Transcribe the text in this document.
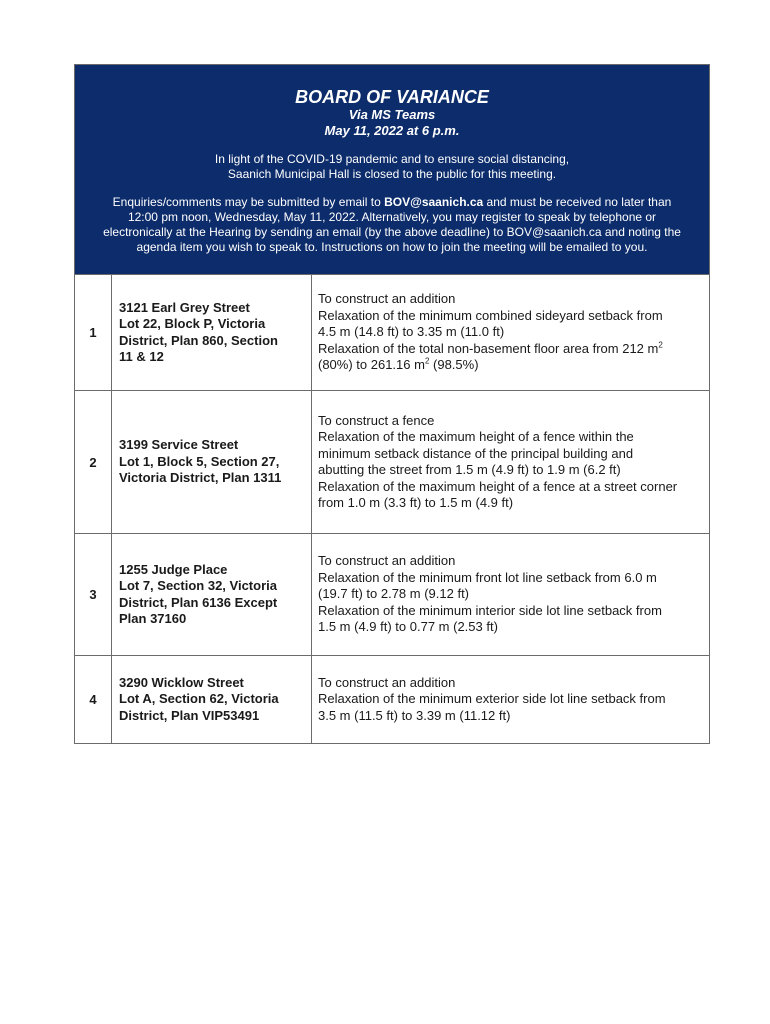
BOARD OF VARIANCE
Via MS Teams
May 11, 2022 at 6 p.m.
In light of the COVID-19 pandemic and to ensure social distancing,
Saanich Municipal Hall is closed to the public for this meeting.
Enquiries/comments may be submitted by email to BOV@saanich.ca and must be received no later than
12:00 pm noon, Wednesday, May 11, 2022. Alternatively, you may register to speak by telephone or
electronically at the Hearing by sending an email (by the above deadline) to BOV@saanich.ca and noting the
agenda item you wish to speak to. Instructions on how to join the meeting will be emailed to you.
1
3121 Earl Grey Street
Lot 22, Block P, Victoria
District, Plan 860, Section
11 & 12
To construct an addition
Relaxation of the minimum combined sideyard setback from
4.5 m (14.8 ft) to 3.35 m (11.0 ft)
Relaxation of the total non-basement floor area from 212 $m^2$
(80%) to 261.16 $m^2$ (98.5%)
2
3199 Service Street
Lot 1, Block 5, Section 27,
Victoria District, Plan 1311
To construct a fence
Relaxation of the maximum height of a fence within the
minimum setback distance of the principal building and
abutting the street from 1.5 m (4.9 ft) to 1.9 m (6.2 ft)
Relaxation of the maximum height of a fence at a street corner
from 1.0 m (3.3 ft) to 1.5 m (4.9 ft)
3
1255 Judge Place
Lot 7, Section 32, Victoria
District, Plan 6136 Except
Plan 37160
To construct an addition
Relaxation of the minimum front lot line setback from 6.0 m
(19.7 ft) to 2.78 m (9.12 ft)
Relaxation of the minimum interior side lot line setback from
1.5 m (4.9 ft) to 0.77 m (2.53 ft)
4
3290 Wicklow Street
Lot A, Section 62, Victoria
District, Plan VIP53491
To construct an addition
Relaxation of the minimum exterior side lot line setback from
3.5 m (11.5 ft) to 3.39 m (11.12 ft)
